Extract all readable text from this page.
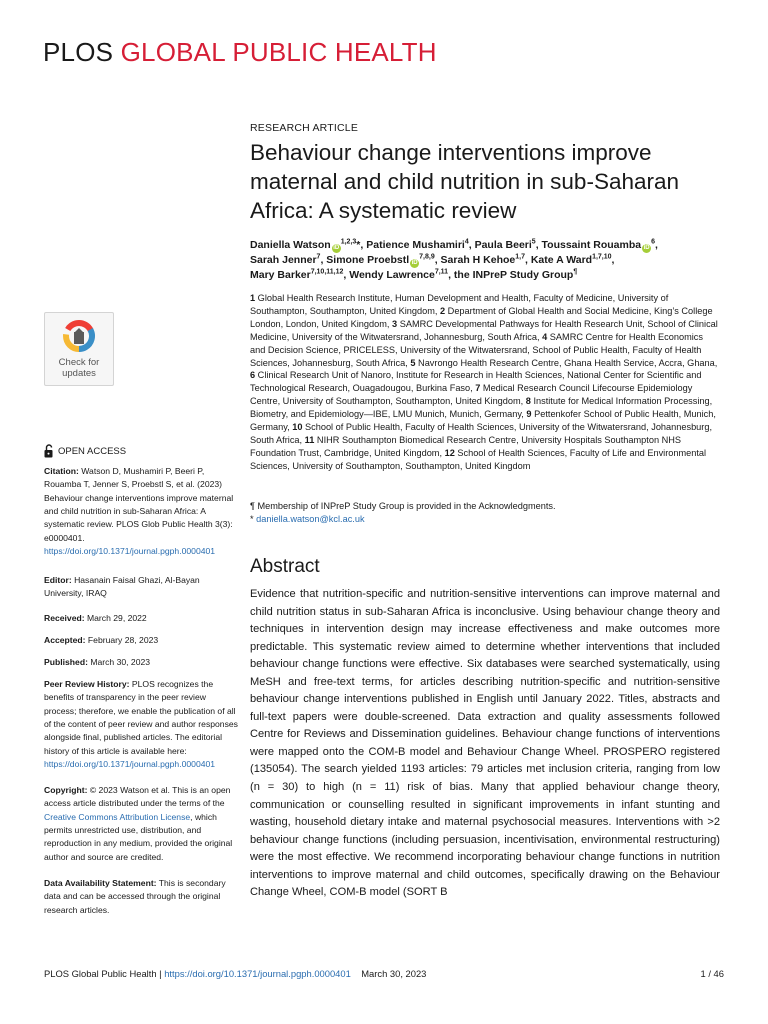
PLOS GLOBAL PUBLIC HEALTH
Check for
updates
OPEN ACCESS
Citation: Watson D, Mushamiri P, Beeri P, Rouamba T, Jenner S, Proebstl S, et al. (2023) Behaviour change interventions improve maternal and child nutrition in sub-Saharan Africa: A systematic review. PLOS Glob Public Health 3(3): e0000401. https://doi.org/10.1371/journal.pgph.0000401
Editor: Hasanain Faisal Ghazi, Al-Bayan University, IRAQ
Received: March 29, 2022
Accepted: February 28, 2023
Published: March 30, 2023
Peer Review History: PLOS recognizes the benefits of transparency in the peer review process; therefore, we enable the publication of all of the content of peer review and author responses alongside final, published articles. The editorial history of this article is available here: https://doi.org/10.1371/journal.pgph.0000401
Copyright: © 2023 Watson et al. This is an open access article distributed under the terms of the Creative Commons Attribution License, which permits unrestricted use, distribution, and reproduction in any medium, provided the original author and source are credited.
Data Availability Statement: This is secondary data and can be accessed through the original research articles.
RESEARCH ARTICLE
Behaviour change interventions improve maternal and child nutrition in sub-Saharan Africa: A systematic review
Daniella Watson iD$^{1,2,3}$*, Patience Mushamiri$^4$, Paula Beeri$^5$, Toussaint Rouamba $iD^6$,
Sarah Jenner$^7$, Simone Proebstl iD$^{7,8,9}$, Sarah H Kehoe$^{1,7}$, Kate A Ward$^{1,7,10}$,
Mary Barker$^{7,10,11,12}$, Wendy Lawrence$^{7,11}$, the INPreP Study Group¶
1 Global Health Research Institute, Human Development and Health, Faculty of Medicine, University of Southampton, Southampton, United Kingdom, 2 Department of Global Health and Social Medicine, King’s College London, London, United Kingdom, 3 SAMRC Developmental Pathways for Health Research Unit, School of Clinical Medicine, University of the Witwatersrand, Johannesburg, South Africa, 4 SAMRC Centre for Health Economics and Decision Science, PRICELESS, University of the Witwatersrand, School of Public Health, Faculty of Health Sciences, Johannesburg, South Africa, 5 Navrongo Health Research Centre, Ghana Health Service, Accra, Ghana, 6 Clinical Research Unit of Nanoro, Institute for Research in Health Sciences, National Center for Scientific and Technological Research, Ouagadougou, Burkina Faso, 7 Medical Research Council Lifecourse Epidemiology Centre, University of Southampton, Southampton, United Kingdom, 8 Institute for Medical Information Processing, Biometry, and Epidemiology—IBE, LMU Munich, Munich, Germany, 9 Pettenkofer School of Public Health, Munich, Germany, 10 School of Public Health, Faculty of Health Sciences, University of the Witwatersrand, Johannesburg, South Africa, 11 NIHR Southampton Biomedical Research Centre, University Hospitals Southampton NHS Foundation Trust, Cambridge, United Kingdom, 12 School of Health Sciences, Faculty of Life and Environmental Sciences, University of Southampton, Southampton, United Kingdom
¶ Membership of INPreP Study Group is provided in the Acknowledgments.
* daniella.watson@kcl.ac.uk
Abstract
Evidence that nutrition-specific and nutrition-sensitive interventions can improve maternal and child nutrition status in sub-Saharan Africa is inconclusive. Using behaviour change theory and techniques in intervention design may increase effectiveness and make outcomes more predictable. This systematic review aimed to determine whether interventions that included behaviour change functions were effective. Six databases were searched systematically, using MeSH and free-text terms, for articles describing nutrition-specific and nutrition-sensitive behaviour change interventions published in English until January 2022. Titles, abstracts and full-text papers were double-screened. Data extraction and quality assessments followed Centre for Reviews and Dissemination guidelines. Behaviour change functions of interventions were mapped onto the COM-B model and Behaviour Change Wheel. PROSPERO registered (135054). The search yielded 1193 articles: 79 articles met inclusion criteria, ranging from low (n = 30) to high (n = 11) risk of bias. Many that applied behaviour change theory, communication or counselling resulted in significant improvements in infant stunting and wasting, household dietary intake and maternal psychosocial measures. Interventions with >2 behaviour change functions (including persuasion, incentivisation, environmental restructuring) were the most effective. We recommend incorporating behaviour change functions in nutrition interventions to improve maternal and child outcomes, specifically drawing on the Behaviour Change Wheel, COM-B model (SORT B
PLOS Global Public Health | https://doi.org/10.1371/journal.pgph.0000401 March 30, 2023	1 / 46
